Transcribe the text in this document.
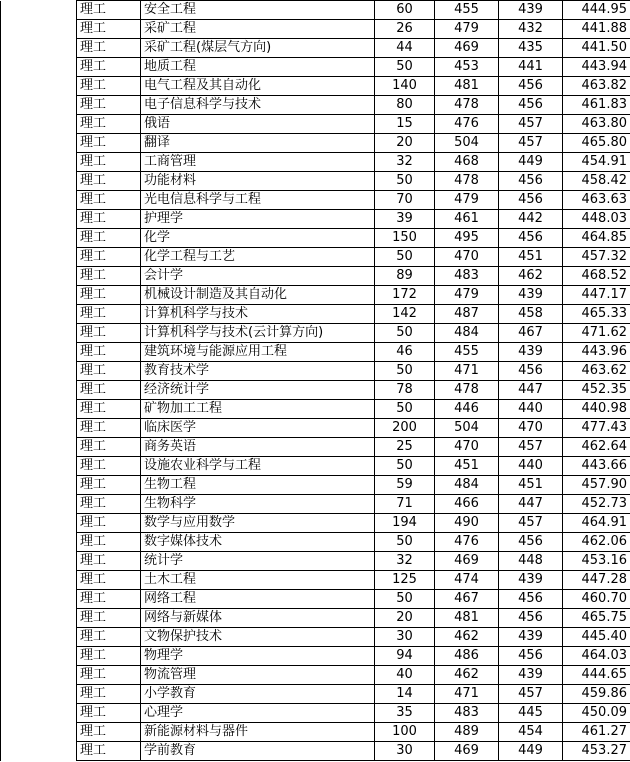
	理工	安全工程	60	455	439	444.95
	理工	采矿工程	26	479	432	441.88
	理工	采矿工程(煤层气方向)	44	469	435	441.50
	理工	地质工程	50	453	441	443.94
	理工	电气工程及其自动化	140	481	456	463.82
	理工	电子信息科学与技术	80	478	456	461.83
	理工	俄语	15	476	457	463.80
	理工	翻译	20	504	457	465.80
	理工	工商管理	32	468	449	454.91
	理工	功能材料	50	478	456	458.42
	理工	光电信息科学与工程	70	479	456	463.63
	理工	护理学	39	461	442	448.03
	理工	化学	150	495	456	464.85
	理工	化学工程与工艺	50	470	451	457.32
	理工	会计学	89	483	462	468.52
	理工	机械设计制造及其自动化	172	479	439	447.17
	理工	计算机科学与技术	142	487	458	465.33
	理工	计算机科学与技术(云计算方向)	50	484	467	471.62
	理工	建筑环境与能源应用工程	46	455	439	443.96
	理工	教育技术学	50	471	456	463.62
	理工	经济统计学	78	478	447	452.35
	理工	矿物加工工程	50	446	440	440.98
	理工	临床医学	200	504	470	477.43
	理工	商务英语	25	470	457	462.64
	理工	设施农业科学与工程	50	451	440	443.66
	理工	生物工程	59	484	451	457.90
	理工	生物科学	71	466	447	452.73
	理工	数学与应用数学	194	490	457	464.91
	理工	数字媒体技术	50	476	456	462.06
	理工	统计学	32	469	448	453.16
	理工	土木工程	125	474	439	447.28
	理工	网络工程	50	467	456	460.70
	理工	网络与新媒体	20	481	456	465.75
	理工	文物保护技术	30	462	439	445.40
	理工	物理学	94	486	456	464.03
	理工	物流管理	40	462	439	444.65
	理工	小学教育	14	471	457	459.86
	理工	心理学	35	483	445	450.09
	理工	新能源材料与器件	100	489	454	461.27
	理工	学前教育	30	469	449	453.27
